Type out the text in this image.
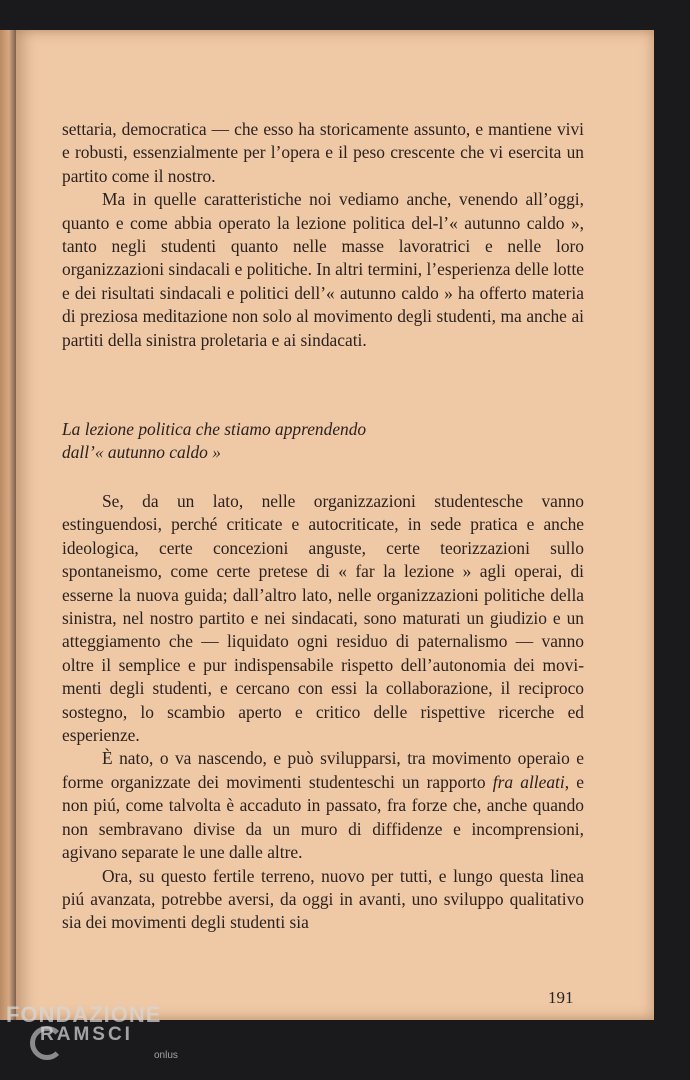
settaria, democratica — che esso ha storicamente assunto, e mantiene vivi e robusti, essenzialmente per l’opera e il peso crescente che vi esercita un partito come il nostro.

Ma in quelle caratteristiche noi vediamo anche, venendo all’oggi, quanto e come abbia operato la lezione politica del-l’« autunno caldo », tanto negli studenti quanto nelle masse lavoratrici e nelle loro organizzazioni sindacali e politiche. In altri termini, l’esperienza delle lotte e dei risultati sindacali e politici dell’« autunno caldo » ha offerto materia di preziosa meditazione non solo al movimento degli studenti, ma anche ai partiti della sinistra proletaria e ai sindacati.

La lezione politica che stiamo apprendendo
dall’« autunno caldo »

Se, da un lato, nelle organizzazioni studentesche vanno estinguendosi, perché criticate e autocriticate, in sede pratica e anche ideologica, certe concezioni anguste, certe teorizzazioni sullo spontaneismo, come certe pretese di « far la lezione » agli operai, di esserne la nuova guida; dall’altro lato, nelle organizzazioni politiche della sinistra, nel nostro partito e nei sindacati, sono maturati un giudizio e un atteggiamento che — liquidato ogni residuo di paternalismo — vanno oltre il semplice e pur indispensabile rispetto dell’autonomia dei movi-menti degli studenti, e cercano con essi la collaborazione, il reciproco sostegno, lo scambio aperto e critico delle rispettive ricerche ed esperienze.

È nato, o va nascendo, e può svilupparsi, tra movimento operaio e forme organizzate dei movimenti studenteschi un rapporto fra alleati, e non piú, come talvolta è accaduto in passato, fra forze che, anche quando non sembravano divise da un muro di diffidenze e incomprensioni, agivano separate le une dalle altre.

Ora, su questo fertile terreno, nuovo per tutti, e lungo questa linea piú avanzata, potrebbe aversi, da oggi in avanti, uno sviluppo qualitativo sia dei movimenti degli studenti sia

191
FONDAZIONE
RAMSCI
onlus
